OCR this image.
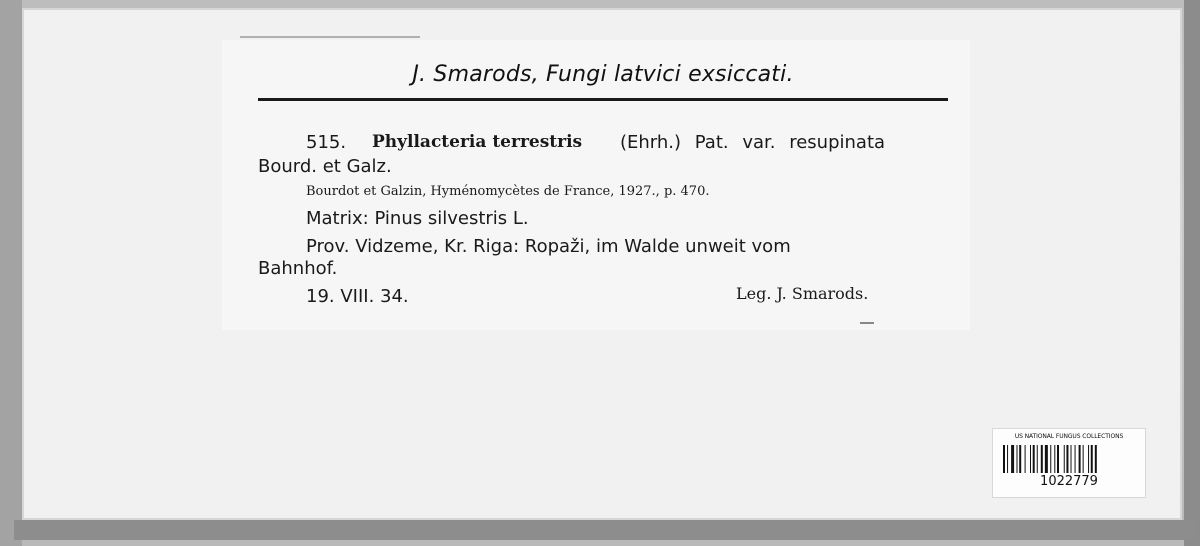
J. Smarods, Fungi latvici exsiccati.
515. Phyllacteria terrestris (Ehrh.) Pat. var. resupinata
Bourd. et Galz.
Bourdot et Galzin, Hyménomycètes de France, 1927., p. 470.
Matrix: Pinus silvestris L.
Prov. Vidzeme, Kr. Riga: Ropaži, im Walde unweit vom
Bahnhof.
19. VIII. 34.	Leg. J. Smarods.
US NATIONAL FUNGUS COLLECTIONS
1022779
